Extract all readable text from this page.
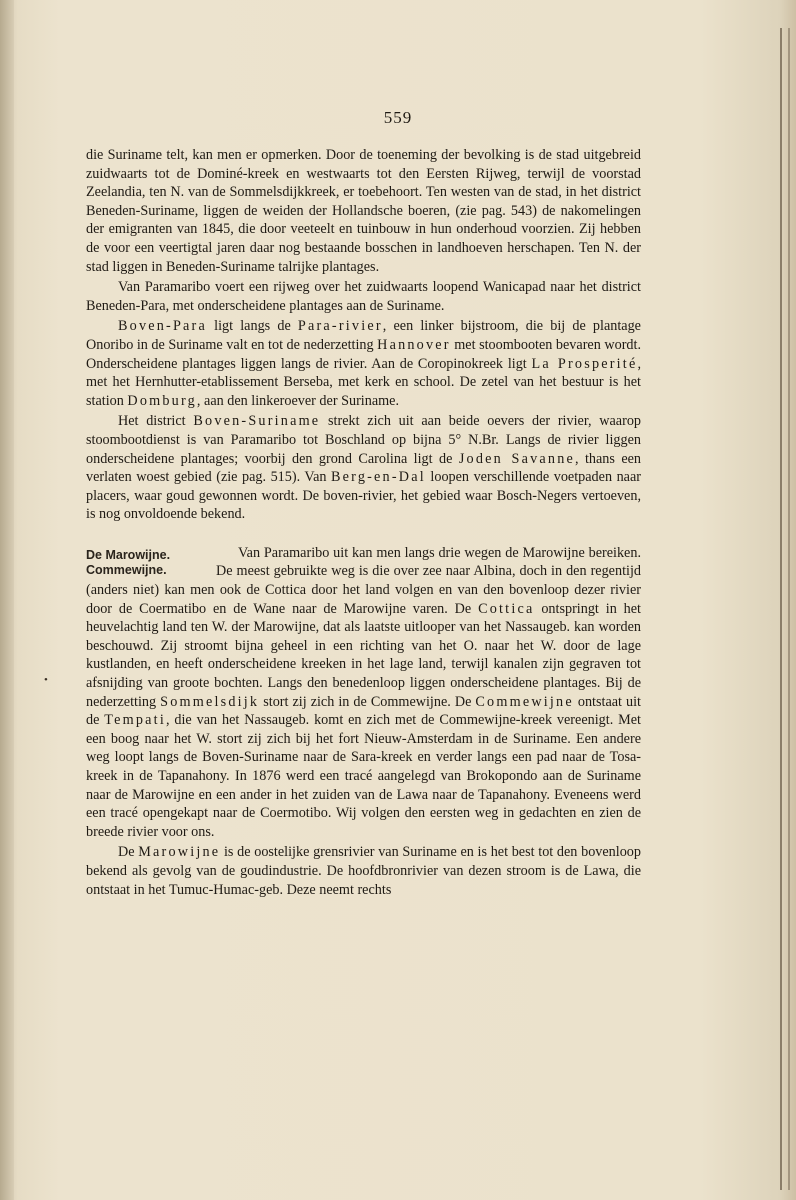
559
•

die Suriname telt, kan men er opmerken. Door de toeneming der bevolking is de stad uitgebreid zuidwaarts tot de Dominé-kreek en westwaarts tot den Eersten Rijweg, terwijl de voorstad Zeelandia, ten N. van de Sommelsdijkkreek, er toebehoort. Ten westen van de stad, in het district Beneden-Suriname, liggen de weiden der Hollandsche boeren, (zie pag. 543) de nakomelingen der emigranten van 1845, die door veeteelt en tuinbouw in hun onderhoud voorzien. Zij hebben de voor een veertigtal jaren daar nog bestaande bosschen in landhoeven herschapen. Ten N. der stad liggen in Beneden-Suriname talrijke plantages.

Van Paramaribo voert een rijweg over het zuidwaarts loopend Wanicapad naar het district Beneden-Para, met onderscheidene plantages aan de Suriname.

Boven-Para ligt langs de Para-rivier, een linker bijstroom, die bij de plantage Onoribo in de Suriname valt en tot de nederzetting Hannover met stoombooten bevaren wordt. Onderscheidene plantages liggen langs de rivier. Aan de Coropinokreek ligt La Prosperité, met het Hernhutter-etablissement Berseba, met kerk en school. De zetel van het bestuur is het station Domburg, aan den linkeroever der Suriname.

Het district Boven-Suriname strekt zich uit aan beide oevers der rivier, waarop stoombootdienst is van Paramaribo tot Boschland op bijna 5° N.Br. Langs de rivier liggen onderscheidene plantages; voorbij den grond Carolina ligt de Joden Savanne, thans een verlaten woest gebied (zie pag. 515). Van Berg-en-Dal loopen verschillende voetpaden naar placers, waar goud gewonnen wordt. De boven-rivier, het gebied waar Bosch-Negers vertoeven, is nog onvoldoende bekend.

De Marowijne.
Commewijne.

Van Paramaribo uit kan men langs drie wegen de Marowijne bereiken. De meest gebruikte weg is die over zee naar Albina, doch in den regentijd (anders niet) kan men ook de Cottica door het land volgen en van den bovenloop dezer rivier door de Coermatibo en de Wane naar de Marowijne varen. De Cottica ontspringt in het heuvelachtig land ten W. der Marowijne, dat als laatste uitlooper van het Nassaugeb. kan worden beschouwd. Zij stroomt bijna geheel in een richting van het O. naar het W. door de lage kustlanden, en heeft onderscheidene kreeken in het lage land, terwijl kanalen zijn gegraven tot afsnijding van groote bochten. Langs den benedenloop liggen onderscheidene plantages. Bij de nederzetting Sommelsdijk stort zij zich in de Commewijne. De Commewijne ontstaat uit de Tempati, die van het Nassaugeb. komt en zich met de Commewijne-kreek vereenigt. Met een boog naar het W. stort zij zich bij het fort Nieuw-Amsterdam in de Suriname. Een andere weg loopt langs de Boven-Suriname naar de Sara-kreek en verder langs een pad naar de Tosa-kreek in de Tapanahony. In 1876 werd een tracé aangelegd van Brokopondo aan de Suriname naar de Marowijne en een ander in het zuiden van de Lawa naar de Tapanahony. Eveneens werd een tracé opengekapt naar de Coermotibo. Wij volgen den eersten weg in gedachten en zien de breede rivier voor ons.

De Marowijne is de oostelijke grensrivier van Suriname en is het best tot den bovenloop bekend als gevolg van de goudindustrie. De hoofdbronrivier van dezen stroom is de Lawa, die ontstaat in het Tumuc-Humac-geb. Deze neemt rechts
